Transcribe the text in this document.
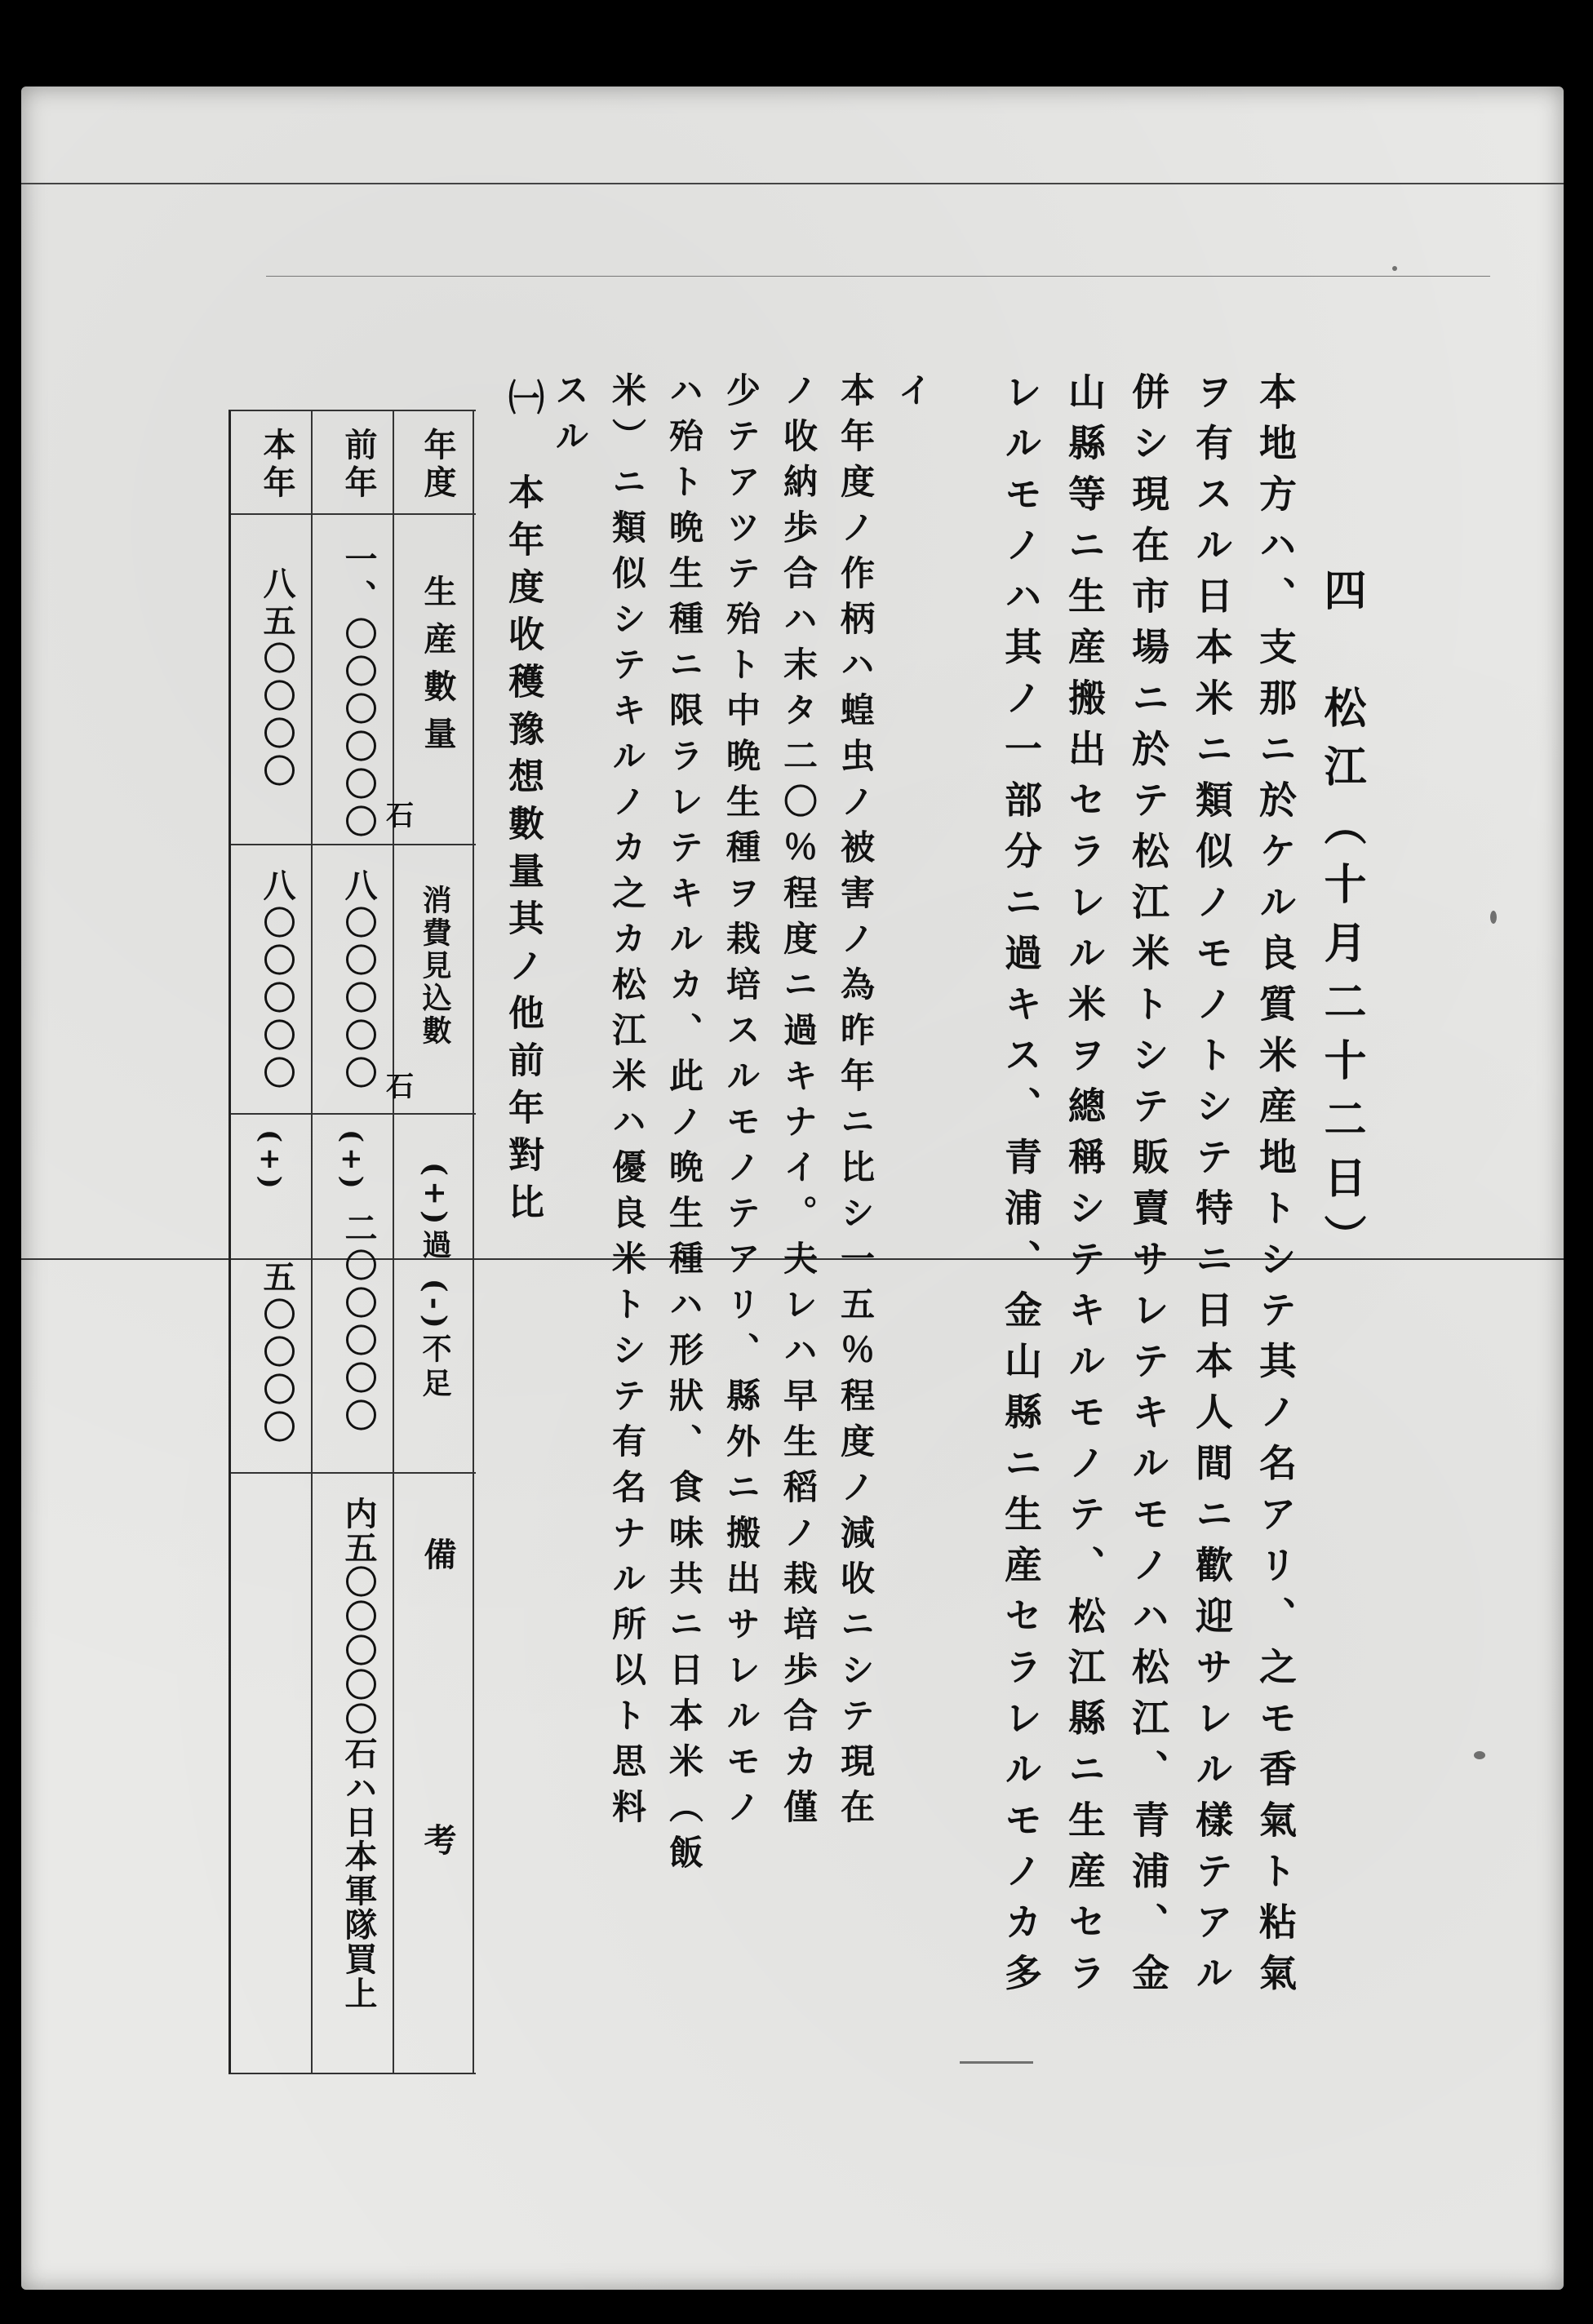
四　松江（十月二十二日）
本地方ハ、支那ニ於ケル良質米産地トシテ其ノ名アリ、之モ香氣ト粘氣ヲ有スル日本米ニ類似ノモノトシテ特ニ日本人間ニ歡迎サレル樣テアル併シ現在市場ニ於テ松江米トシテ販賣サレテキルモノハ松江、青浦、金山縣等ニ生産搬出セラレル米ヲ總稱シテキルモノテ、松江縣ニ生産セラレルモノハ其ノ一部分ニ過キス、青浦、金山縣ニ生産セラレルモノカ多
イ本年度ノ作柄ハ蝗虫ノ被害ノ為昨年ニ比シ一五％程度ノ減收ニシテ現在ノ收納歩合ハ末タ二〇％程度ニ過キナイ。夫レハ早生稻ノ栽培歩合カ僅少テアツテ殆ト中晩生種ヲ栽培スルモノテアリ、縣外ニ搬出サレルモノハ殆ト晩生種ニ限ラレテキルカ、此ノ晩生種ハ形狀、食味共ニ日本米（飯米）ニ類似シテキルノカ之カ松江米ハ優良米トシテ有名ナル所以ト思料スル
㈠　本年度收穫豫想數量其ノ他前年對比
年度
生産數量
石
消費見込數
石
(+)過 (-)不足
備　　　　考
前年
一、〇〇〇〇〇〇
八〇〇〇〇〇
(+)
二〇〇〇〇〇
内五〇〇〇〇〇石ハ日本軍隊買上
本年
八五〇〇〇〇
八〇〇〇〇〇
(+)
五〇〇〇〇
